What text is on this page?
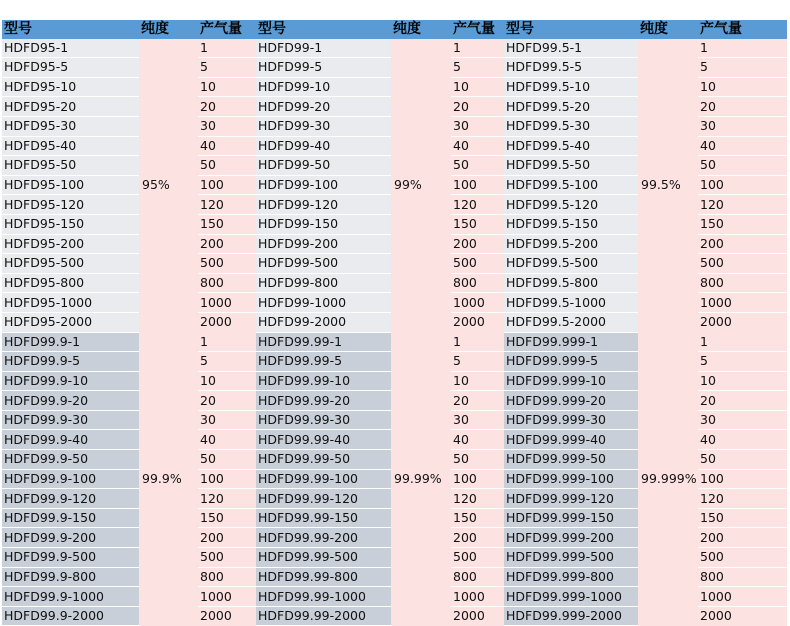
型号	纯度	产气量	型号	纯度	产气量	型号	纯度	产气量
HDFD95-1	95%	1	HDFD99-1	99%	1	HDFD99.5-1	99.5%	1
HDFD95-5		5	HDFD99-5		5	HDFD99.5-5		5
HDFD95-10		10	HDFD99-10		10	HDFD99.5-10		10
HDFD95-20		20	HDFD99-20		20	HDFD99.5-20		20
HDFD95-30		30	HDFD99-30		30	HDFD99.5-30		30
HDFD95-40		40	HDFD99-40		40	HDFD99.5-40		40
HDFD95-50		50	HDFD99-50		50	HDFD99.5-50		50
HDFD95-100		100	HDFD99-100		100	HDFD99.5-100		100
HDFD95-120		120	HDFD99-120		120	HDFD99.5-120		120
HDFD95-150		150	HDFD99-150		150	HDFD99.5-150		150
HDFD95-200		200	HDFD99-200		200	HDFD99.5-200		200
HDFD95-500		500	HDFD99-500		500	HDFD99.5-500		500
HDFD95-800		800	HDFD99-800		800	HDFD99.5-800		800
HDFD95-1000		1000	HDFD99-1000		1000	HDFD99.5-1000		1000
HDFD95-2000		2000	HDFD99-2000		2000	HDFD99.5-2000		2000
HDFD99.9-1	99.9%	1	HDFD99.99-1	99.99%	1	HDFD99.999-1	99.999%	1
HDFD99.9-5		5	HDFD99.99-5		5	HDFD99.999-5		5
HDFD99.9-10		10	HDFD99.99-10		10	HDFD99.999-10		10
HDFD99.9-20		20	HDFD99.99-20		20	HDFD99.999-20		20
HDFD99.9-30		30	HDFD99.99-30		30	HDFD99.999-30		30
HDFD99.9-40		40	HDFD99.99-40		40	HDFD99.999-40		40
HDFD99.9-50		50	HDFD99.99-50		50	HDFD99.999-50		50
HDFD99.9-100		100	HDFD99.99-100		100	HDFD99.999-100		100
HDFD99.9-120		120	HDFD99.99-120		120	HDFD99.999-120		120
HDFD99.9-150		150	HDFD99.99-150		150	HDFD99.999-150		150
HDFD99.9-200		200	HDFD99.99-200		200	HDFD99.999-200		200
HDFD99.9-500		500	HDFD99.99-500		500	HDFD99.999-500		500
HDFD99.9-800		800	HDFD99.99-800		800	HDFD99.999-800		800
HDFD99.9-1000		1000	HDFD99.99-1000		1000	HDFD99.999-1000		1000
HDFD99.9-2000		2000	HDFD99.99-2000		2000	HDFD99.999-2000		2000
